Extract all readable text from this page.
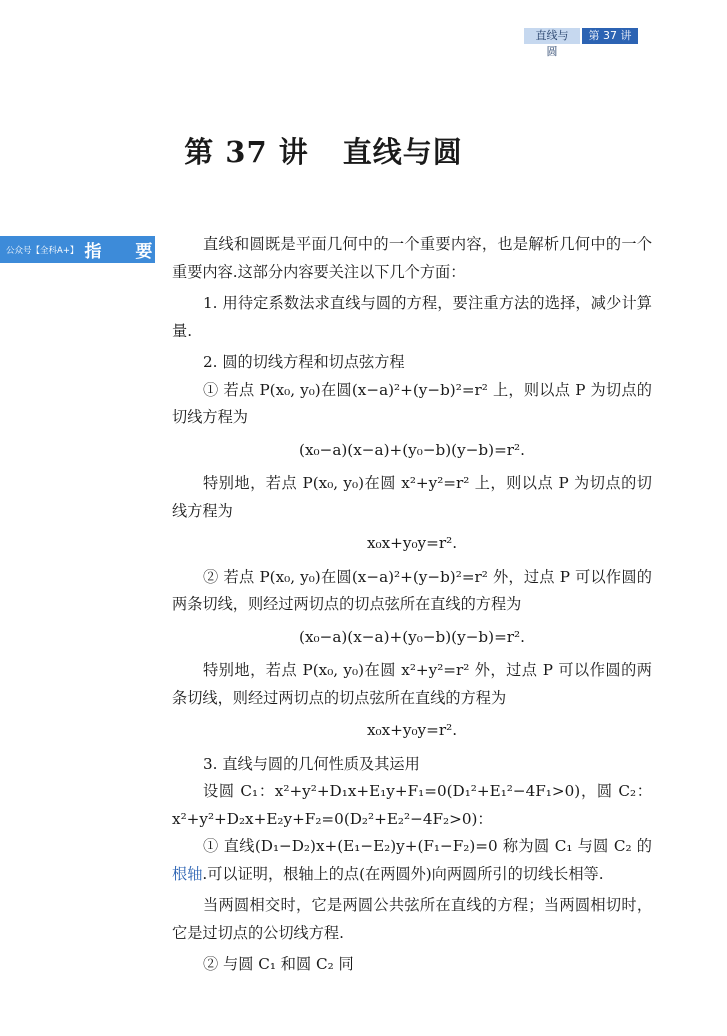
直线与圆
第 37 讲
第 37 讲 直线与圆
公众号【全科A+】 指 要	直线和圆既是平面几何中的一个重要内容，也是解析几何中的一个重要内容.这部分内容要关注以下几个方面：

1. 用待定系数法求直线与圆的方程，要注重方法的选择，减少计算量.

2. 圆的切线方程和切点弦方程

① 若点 P(x₀, y₀)在圆(x−a)²+(y−b)²=r² 上，则以点 P 为切点的切线方程为

(x₀−a)(x−a)+(y₀−b)(y−b)=r².

特别地，若点 P(x₀, y₀)在圆 x²+y²=r² 上，则以点 P 为切点的切线方程为

x₀x+y₀y=r².

② 若点 P(x₀, y₀)在圆(x−a)²+(y−b)²=r² 外，过点 P 可以作圆的两条切线，则经过两切点的切点弦所在直线的方程为

(x₀−a)(x−a)+(y₀−b)(y−b)=r².

特别地，若点 P(x₀, y₀)在圆 x²+y²=r² 外，过点 P 可以作圆的两条切线，则经过两切点的切点弦所在直线的方程为

x₀x+y₀y=r².

3. 直线与圆的几何性质及其运用

设圆 C₁：x²+y²+D₁x+E₁y+F₁=0(D₁²+E₁²−4F₁>0)，圆 C₂：x²+y²+D₂x+E₂y+F₂=0(D₂²+E₂²−4F₂>0)：

① 直线(D₁−D₂)x+(E₁−E₂)y+(F₁−F₂)=0 称为圆 C₁ 与圆 C₂ 的根轴.可以证明，根轴上的点(在两圆外)向两圆所引的切线长相等.

当两圆相交时，它是两圆公共弦所在直线的方程；当两圆相切时，它是过切点的公切线方程.

② 与圆 C₁ 和圆 C₂ 同
